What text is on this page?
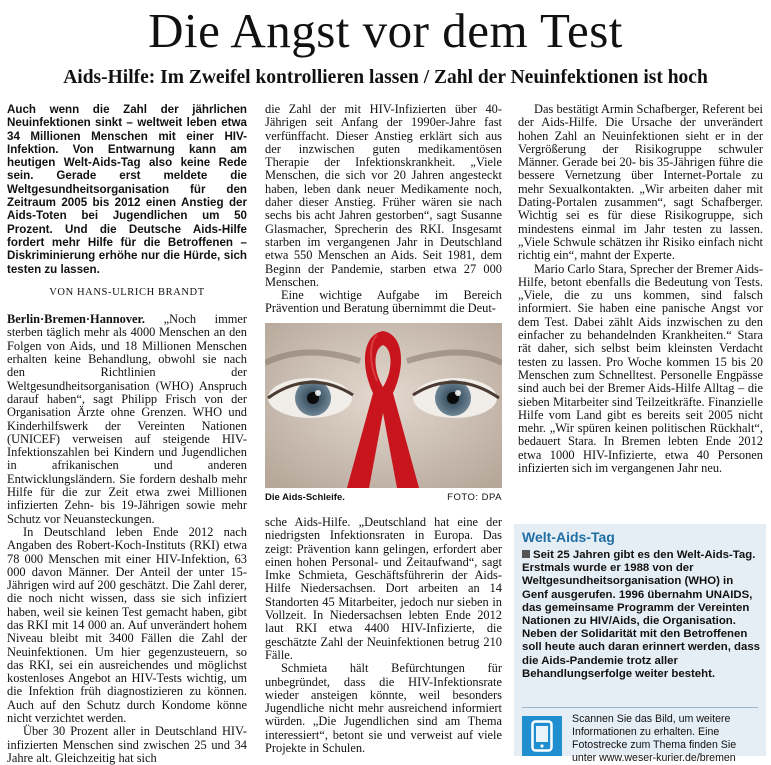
Die Angst vor dem Test
Aids-Hilfe: Im Zweifel kontrollieren lassen / Zahl der Neuinfektionen ist hoch

Auch wenn die Zahl der jährlichen Neuinfektionen sinkt – weltweit leben etwa 34 Millionen Menschen mit einer HIV-Infektion. Von Entwarnung kann am heutigen Welt-Aids-Tag also keine Rede sein. Gerade erst meldete die Weltgesundheitsorganisation für den Zeitraum 2005 bis 2012 einen Anstieg der Aids-Toten bei Jugendlichen um 50 Prozent. Und die Deutsche Aids-Hilfe fordert mehr Hilfe für die Betroffenen – Diskriminierung erhöhe nur die Hürde, sich testen zu lassen.

VON HANS-ULRICH BRANDT

Berlin·Bremen·Hannover. „Noch immer sterben täglich mehr als 4000 Menschen an den Folgen von Aids, und 18 Millionen Menschen erhalten keine Behandlung, obwohl sie nach den Richtlinien der Weltgesundheitsorganisation (WHO) Anspruch darauf haben“, sagt Philipp Frisch von der Organisation Ärzte ohne Grenzen. WHO und Kinderhilfswerk der Vereinten Nationen (UNICEF) verweisen auf steigende HIV-Infektionszahlen bei Kindern und Jugendlichen in afrikanischen und anderen Entwicklungsländern. Sie fordern deshalb mehr Hilfe für die zur Zeit etwa zwei Millionen infizierten Zehn- bis 19-Jährigen sowie mehr Schutz vor Neuansteckungen.

In Deutschland leben Ende 2012 nach Angaben des Robert-Koch-Instituts (RKI) etwa 78 000 Menschen mit einer HIV-Infektion, 63 000 davon Männer. Der Anteil der unter 15-Jährigen wird auf 200 geschätzt. Die Zahl derer, die noch nicht wissen, dass sie sich infiziert haben, weil sie keinen Test gemacht haben, gibt das RKI mit 14 000 an. Auf unverändert hohem Niveau bleibt mit 3400 Fällen die Zahl der Neuinfektionen. Um hier gegenzusteuern, so das RKI, sei ein ausreichendes und möglichst kostenloses Angebot an HIV-Tests wichtig, um die Infektion früh diagnostizieren zu können. Auch auf den Schutz durch Kondome könne nicht verzichtet werden.

Über 30 Prozent aller in Deutschland HIV-infizierten Menschen sind zwischen 25 und 34 Jahre alt. Gleichzeitig hat sich

die Zahl der mit HIV-Infizierten über 40-Jährigen seit Anfang der 1990er-Jahre fast verfünffacht. Dieser Anstieg erklärt sich aus der inzwischen guten medikamentösen Therapie der Infektionskrankheit. „Viele Menschen, die sich vor 20 Jahren angesteckt haben, leben dank neuer Medikamente noch, daher dieser Anstieg. Früher wären sie nach sechs bis acht Jahren gestorben“, sagt Susanne Glasmacher, Sprecherin des RKI. Insgesamt starben im vergangenen Jahr in Deutschland etwa 550 Menschen an Aids. Seit 1981, dem Beginn der Pandemie, starben etwa 27 000 Menschen.

Eine wichtige Aufgabe im Bereich Prävention und Beratung übernimmt die Deut-

Die Aids-Schleife.	FOTO: DPA

sche Aids-Hilfe. „Deutschland hat eine der niedrigsten Infektionsraten in Europa. Das zeigt: Prävention kann gelingen, erfordert aber einen hohen Personal- und Zeitaufwand“, sagt Imke Schmieta, Geschäftsführerin der Aids-Hilfe Niedersachsen. Dort arbeiten an 14 Standorten 45 Mitarbeiter, jedoch nur sieben in Vollzeit. In Niedersachsen lebten Ende 2012 laut RKI etwa 4400 HIV-Infizierte, die geschätzte Zahl der Neuinfektionen betrug 210 Fälle.

Schmieta hält Befürchtungen für unbegründet, dass die HIV-Infektionsrate wieder ansteigen könnte, weil besonders Jugendliche nicht mehr ausreichend informiert würden. „Die Jugendlichen sind am Thema interessiert“, betont sie und verweist auf viele Projekte in Schulen.

Das bestätigt Armin Schafberger, Referent bei der Aids-Hilfe. Die Ursache der unverändert hohen Zahl an Neuinfektionen sieht er in der Vergrößerung der Risikogruppe schwuler Männer. Gerade bei 20- bis 35-Jährigen führe die bessere Vernetzung über Internet-Portale zu mehr Sexualkontakten. „Wir arbeiten daher mit Dating-Portalen zusammen“, sagt Schafberger. Wichtig sei es für diese Risikogruppe, sich mindestens einmal im Jahr testen zu lassen. „Viele Schwule schätzen ihr Risiko einfach nicht richtig ein“, mahnt der Experte.

Mario Carlo Stara, Sprecher der Bremer Aids-Hilfe, betont ebenfalls die Bedeutung von Tests. „Viele, die zu uns kommen, sind falsch informiert. Sie haben eine panische Angst vor dem Test. Dabei zählt Aids inzwischen zu den einfacher zu behandelnden Krankheiten.“ Stara rät daher, sich selbst beim kleinsten Verdacht testen zu lassen. Pro Woche kommen 15 bis 20 Menschen zum Schnelltest. Personelle Engpässe sind auch bei der Bremer Aids-Hilfe Alltag – die sieben Mitarbeiter sind Teilzeitkräfte. Finanzielle Hilfe vom Land gibt es bereits seit 2005 nicht mehr. „Wir spüren keinen politischen Rückhalt“, bedauert Stara. In Bremen lebten Ende 2012 etwa 1000 HIV-Infizierte, etwa 40 Personen infizierten sich im vergangenen Jahr neu.

Welt-Aids-Tag
Seit 25 Jahren gibt es den Welt-Aids-Tag. Erstmals wurde er 1988 von der Weltgesundheitsorganisation (WHO) in Genf ausgerufen. 1996 übernahm UNAIDS, das gemeinsame Programm der Vereinten Nationen zu HIV/Aids, die Organisation. Neben der Solidarität mit den Betroffenen soll heute auch daran erinnert werden, dass die Aids-Pandemie trotz aller Behandlungserfolge weiter besteht.
Scannen Sie das Bild, um weitere Informationen zu erhalten. Eine Fotostrecke zum Thema finden Sie unter www.weser-kurier.de/bremen
